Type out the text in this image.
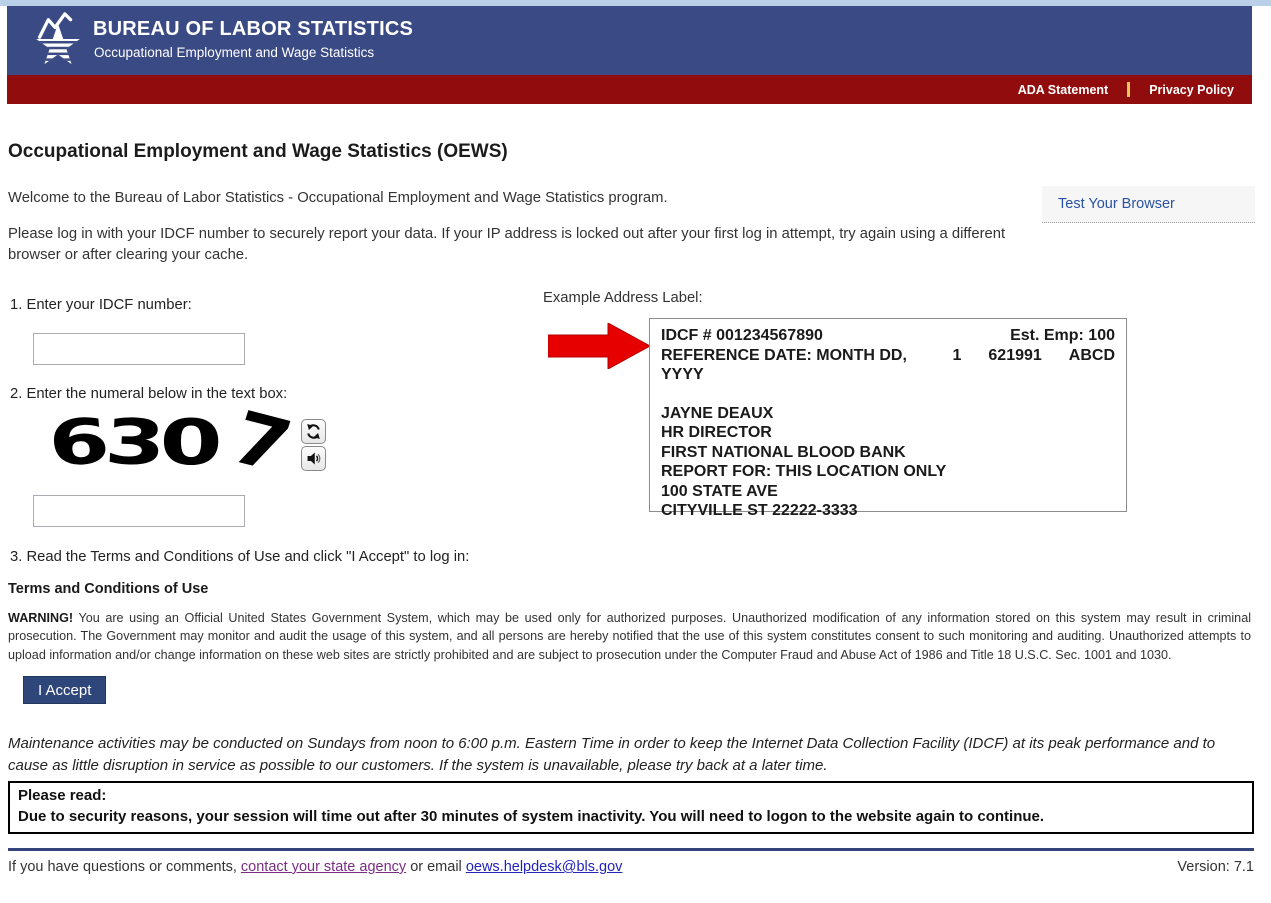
BUREAU OF LABOR STATISTICS
Occupational Employment and Wage Statistics
ADA Statement	Privacy Policy
Occupational Employment and Wage Statistics (OEWS)
Test Your Browser

Welcome to the Bureau of Labor Statistics - Occupational Employment and Wage Statistics program.

Please log in with your IDCF number to securely report your data. If your IP address is locked out after your first log in attempt, try again using a different browser or after clearing your cache.

1. Enter your IDCF number:	Example Address Label:
IDCF # 001234567890	Est. Emp: 100
REFERENCE DATE: MONTH DD, YYYY
1 621991 ABCD
JAYNE DEAUX
HR DIRECTOR
FIRST NATIONAL BLOOD BANK
REPORT FOR: THIS LOCATION ONLY
100 STATE AVE
CITYVILLE ST 22222-3333
2. Enter the numeral below in the text box:
6
3
0 7
3. Read the Terms and Conditions of Use and click "I Accept" to log in:
Terms and Conditions of Use

WARNING! You are using an Official United States Government System, which may be used only for authorized purposes. Unauthorized modification of any information stored on this system may result in criminal prosecution. The Government may monitor and audit the usage of this system, and all persons are hereby notified that the use of this system constitutes consent to such monitoring and auditing. Unauthorized attempts to upload information and/or change information on these web sites are strictly prohibited and are subject to prosecution under the Computer Fraud and Abuse Act of 1986 and Title 18 U.S.C. Sec. 1001 and 1030.

I Accept

Maintenance activities may be conducted on Sundays from noon to 6:00 p.m. Eastern Time in order to keep the Internet Data Collection Facility (IDCF) at its peak performance and to cause as little disruption in service as possible to our customers. If the system is unavailable, please try back at a later time.

Please read:
Due to security reasons, your session will time out after 30 minutes of system inactivity. You will need to logon to the website again to continue.
If you have questions or comments, contact your state agency or email oews.helpdesk@bls.gov	Version: 7.1
